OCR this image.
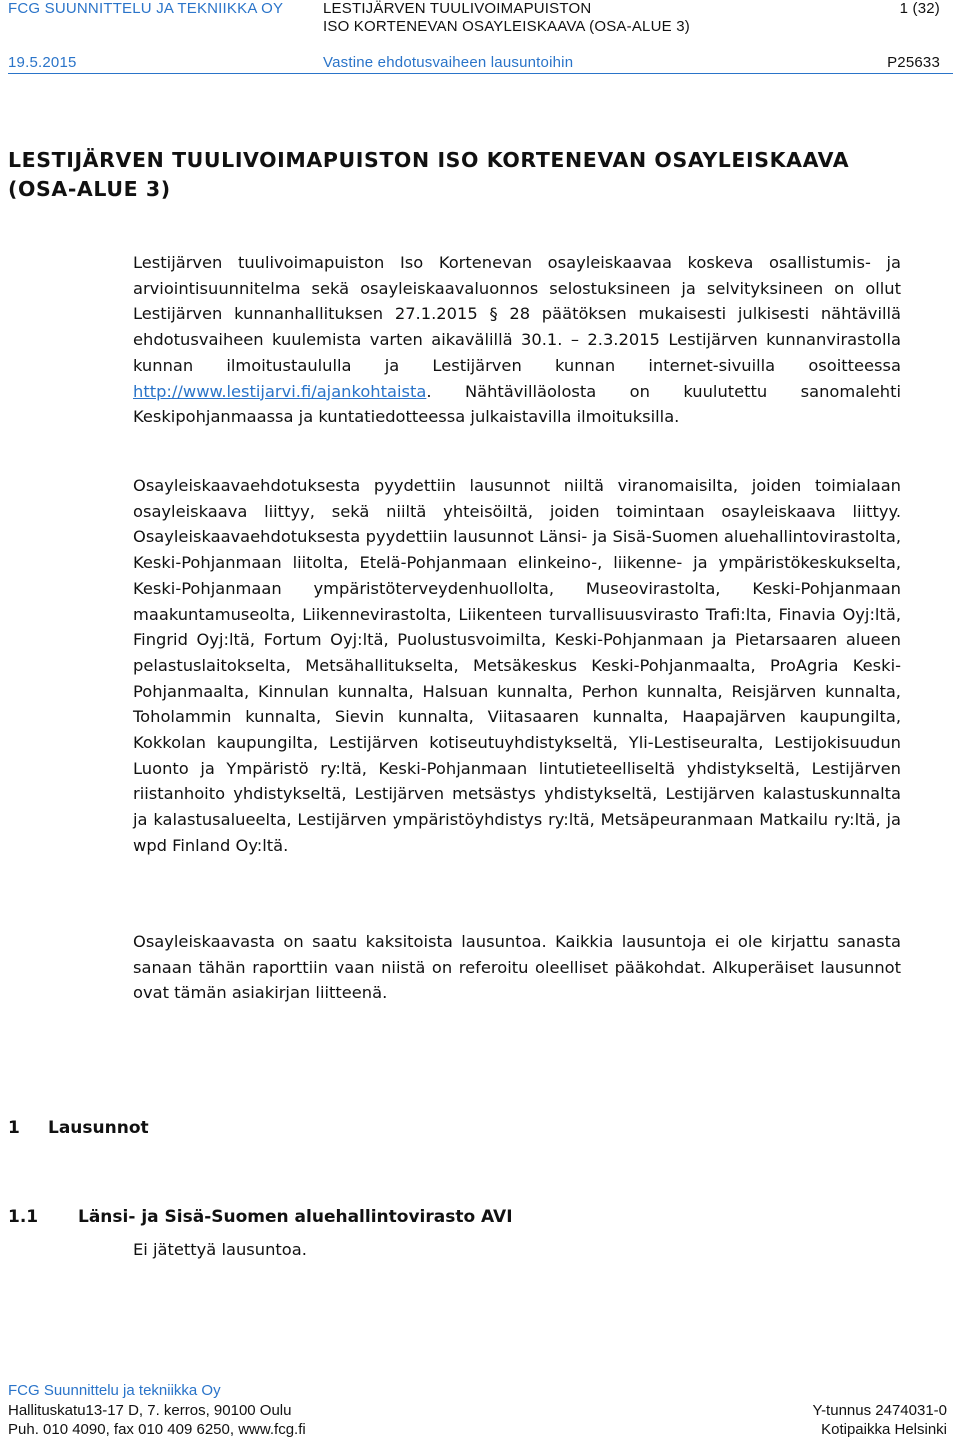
FCG SUUNNITTELU JA TEKNIIKKA OY	LESTIJÄRVEN TUULIVOIMAPUISTON
ISO KORTENEVAN OSAYLEISKAAVA (OSA-ALUE 3)
1 (32)
19.5.2015	Vastine ehdotusvaiheen lausuntoihin	P25633
LESTIJÄRVEN TUULIVOIMAPUISTON ISO KORTENEVAN OSAYLEISKAAVA (OSA-ALUE 3)
Lestijärven tuulivoimapuiston Iso Kortenevan osayleiskaavaa koskeva osallistumis- ja arviointisuunnitelma sekä osayleiskaavaluonnos selostuksineen ja selvityksineen on ollut Lestijärven kunnanhallituksen 27.1.2015 § 28 päätöksen mukaisesti julkisesti nähtävillä ehdotusvaiheen kuulemista varten aikavälillä 30.1. – 2.3.2015 Lestijärven kunnanvirastolla kunnan ilmoitustaululla ja Lestijärven kunnan internet-sivuilla osoitteessa http://www.lestijarvi.fi/ajankohtaista. Nähtävilläolosta on kuulutettu sanomalehti Keskipohjanmaassa ja kuntatiedotteessa julkaistavilla ilmoituksilla.
Osayleiskaavaehdotuksesta pyydettiin lausunnot niiltä viranomaisilta, joiden toimialaan osayleiskaava liittyy, sekä niiltä yhteisöiltä, joiden toimintaan osayleiskaava liittyy. Osayleiskaavaehdotuksesta pyydettiin lausunnot Länsi- ja Sisä-Suomen aluehallintovirastolta, Keski-Pohjanmaan liitolta, Etelä-Pohjanmaan elinkeino-, liikenne- ja ympäristökeskukselta, Keski-Pohjanmaan ympäristöterveydenhuollolta, Museovirastolta, Keski-Pohjanmaan maakuntamuseolta, Liikennevirastolta, Liikenteen turvallisuusvirasto Trafi:lta, Finavia Oyj:ltä, Fingrid Oyj:ltä, Fortum Oyj:ltä, Puolustusvoimilta, Keski-Pohjanmaan ja Pietarsaaren alueen pelastuslaitokselta, Metsähallitukselta, Metsäkeskus Keski-Pohjanmaalta, ProAgria Keski-Pohjanmaalta, Kinnulan kunnalta, Halsuan kunnalta, Perhon kunnalta, Reisjärven kunnalta, Toholammin kunnalta, Sievin kunnalta, Viitasaaren kunnalta, Haapajärven kaupungilta, Kokkolan kaupungilta, Lestijärven kotiseutuyhdistykseltä, Yli-Lestiseuralta, Lestijokisuudun Luonto ja Ympäristö ry:ltä, Keski-Pohjanmaan lintutieteelliseltä yhdistykseltä, Lestijärven riistanhoito yhdistykseltä, Lestijärven metsästys yhdistykseltä, Lestijärven kalastuskunnalta ja kalastusalueelta, Lestijärven ympäristöyhdistys ry:ltä, Metsäpeuranmaan Matkailu ry:ltä, ja wpd Finland Oy:ltä.
Osayleiskaavasta on saatu kaksitoista lausuntoa. Kaikkia lausuntoja ei ole kirjattu sanasta sanaan tähän raporttiin vaan niistä on referoitu oleelliset pääkohdat. Alkuperäiset lausunnot ovat tämän asiakirjan liitteenä.
1 Lausunnot
1.1 Länsi- ja Sisä-Suomen aluehallintovirasto AVI
Ei jätettyä lausuntoa.
FCG Suunnittelu ja tekniikka Oy
Hallituskatu13-17 D, 7. kerros, 90100 Oulu
Puh. 010 4090, fax 010 409 6250, www.fcg.fi
Y-tunnus 2474031-0
Kotipaikka Helsinki
